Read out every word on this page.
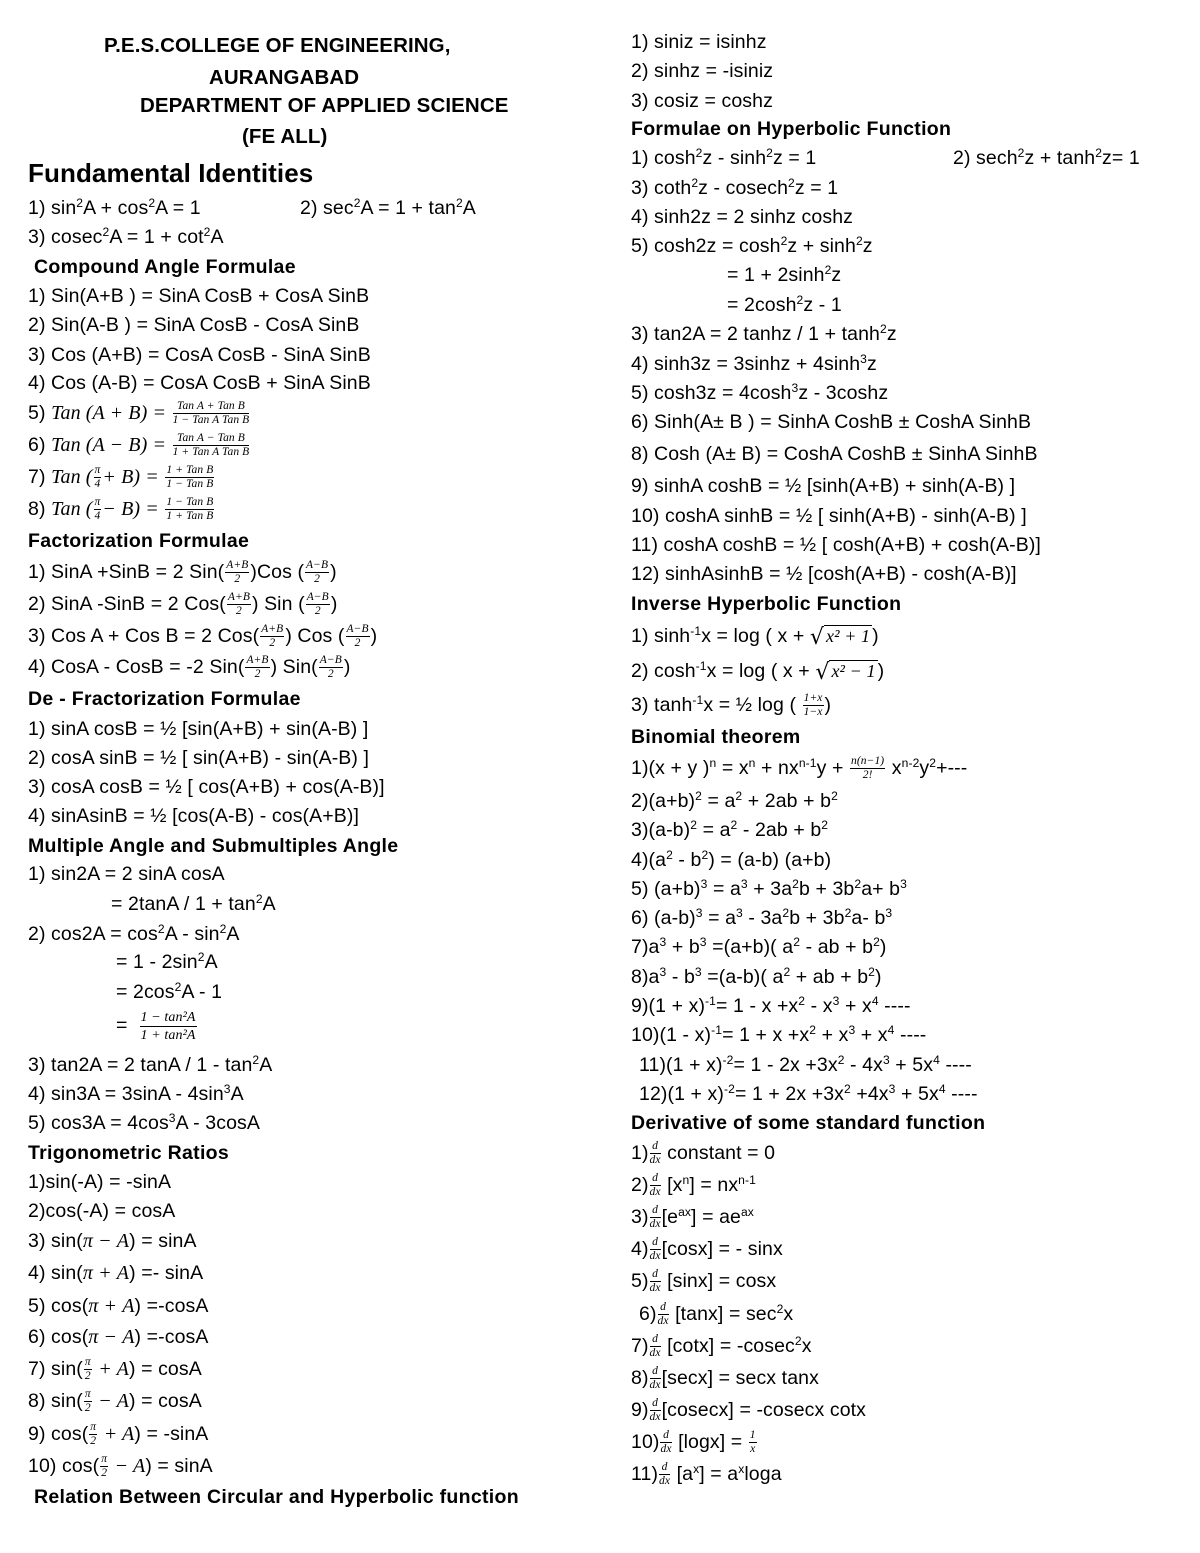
P.E.S.COLLEGE OF ENGINEERING,
AURANGABAD
DEPARTMENT OF APPLIED SCIENCE
(FE ALL)
Fundamental Identities
1) $\sin^2A + \cos^2A = 1$	2) $\sec^2A = 1 + \tan^2A$
3) $cosec^2A = 1 + \cot^2A$
Compound Angle Formulae
1) Sin(A+B ) = SinA CosB + CosA SinB
2) Sin(A-B ) = SinA CosB - CosA SinB
3) Cos (A+B) = CosA CosB - SinA SinB
4) Cos (A-B) = CosA CosB + SinA SinB
5) Tan (A + B) = Tan A + Tan B
1 − Tan A Tan B
6) Tan (A − B) = Tan A − Tan B
1 + Tan A Tan B
7) Tan ( $\frac{\pi}{4} + B) = 1$ + Tan B
1 − Tan B
8) Tan ( $\frac{\pi}{4} - B) = 1$ − Tan B
1 + Tan B
Factorization Formulae
1) SinA +SinB = 2 $Sin( \frac{A+B}{2} )Cos$ ( $\frac{A-B}{2}$ )
2) SinA -SinB = 2 $Cos( \frac{A+B}{2}$ ) Sin ( $\frac{A-B}{2}$ )
3) Cos A + Cos B = 2 $Cos( \frac{A+B}{2}$ ) Cos ( $\frac{A-B}{2}$ )
4) CosA - CosB = -2 $Sin( \frac{A+B}{2}$ ) $Sin( \frac{A-B}{2}$ )
De - Fractorization Formulae
1) sinA cosB = ½ [sin(A+B) + sin(A-B) ]
2) cosA sinB = ½ [ sin(A+B) - sin(A-B) ]
3) cosA cosB = ½ [ cos(A+B) + cos(A-B)]
4) sinAsinB = ½ [cos(A-B) - cos(A+B)]
Multiple Angle and Submultiples Angle
1) sin2A = 2 sinA cosA
= $2\tan A / 1 + \tan^2A$
2) $\cos 2A = \cos^2A - \sin^2A$
= $1 - 2\sin^2A$
= $2\cos^2A - 1$
= $\frac{\text{1 − tan²A}}{\text{1 + tan²A}}$
3) tan2A = 2 tanA / $1 - \tan^2A$
4) $\sin 3A = 3\sin A - 4\sin^3A$
5) $\cos 3A = 4\cos^3A - 3\cos A$
Trigonometric Ratios
1)sin(-A) = -sinA
2)cos(-A) = cosA
3) sin(π − A) = sinA
4) sin(π + A) =- sinA
5) cos(π + A) =-cosA
6) cos(π − A) =-cosA
7) $\sin( \frac{\pi}{2} + A) = \cos A$
8) $\sin( \frac{\pi}{2} - A) = \cos A$
9) $\cos( \frac{\pi}{2} + A) = -\sin A$
10) $\cos( \frac{\pi}{2} - A) = \sin A$
Relation Between Circular and Hyperbolic function
1) siniz = isinhz
2) sinhz = -isiniz
3) cosiz = coshz
Formulae on Hyperbolic Function
1) $\cosh^2z - \sinh^2z = 1$	2) $\sec h^2z + \tanh^2z= 1$
3) coth$^2$z - cosech$^2$z = 1
4) sinh2z = 2 sinhz coshz
5) $\cosh 2z = \cosh^2z + \sinh^2z$
= $1 + 2\sinh^2z$
= $2\cosh^2z - 1$
3) tan2A = 2 $\tanh z / 1 + \tanh^2z$
4) $\sinh 3z = 3\sinh z + 4\sinh^3z$
5) $\cosh 3z = 4\cosh^3z - 3\cosh z$
6) Sinh(A± B ) = SinhA CoshB ± CoshA SinhB
8) Cosh (A± B) = CoshA CoshB ± SinhA SinhB
9) sinhA coshB = ½ [sinh(A+B) + sinh(A-B) ]
10) coshA sinhB = ½ [ sinh(A+B) - sinh(A-B) ]
11) coshA coshB = ½ [ cosh(A+B) + cosh(A-B)]
12) sinhAsinhB = ½ [cosh(A+B) - cosh(A-B)]
Inverse Hyperbolic Function
1) $\sinh^{-1}x = \log$ ( x + √ x² + 1 )
2) $\cosh^{-1}x = \log$ ( x + √ x² − 1 )
3) $\tanh^{-1}x$ = ½ log ( $\frac{1+x}{1-x}$ )
Binomial theorem
1)(x + y )$^n = x^n + nx^{n-1}y + \frac{n(n-1)}{2!} x^{n-2}y^2+---$
$2)(a+b)^2 = a^2 + 2ab + b^2$
$3)(a-b)^2 = a^2 - 2ab + b^2$
$4)(a^2 - b^2) = (a-b)$ (a+b)
5) $(a+b)^3 = a^3 + 3a^2b + 3b^2a+ b^3$
6) $(a-b)^3 = a^3 - 3a^2b + 3b^2a-$ $b^3$
$7)a^3 + b^3 =(a+b)$( $a^2$ - ab + $b^2$)
$8)a^3 - b^3 =(a-b)$( $a^2$ + ab + $b^2$)
$9)(1 + x)^{-1}= 1 - x +x^2 - x^3 + x^4$ ----
$10)(1 - x)^{-1}= 1 + x +x^2 + x^3 + x^4$ ----
$11)(1 + x)^{-2}= 1 - 2x +3x^2 - 4x^3 + 5x^4$ ----
$12)(1 + x)^{-2}= 1 + 2x +3x^2 +4x^3 + 5x^4$ ----
Derivative of some standard function
$1) \frac{d}{dx}$ constant = 0
$2) \frac{d}{dx} [x^n] = nx^{n-1}$
$3) \frac{d}{dx} [e^{ax}] = ae^{ax}$
$4) \frac{d}{dx} [\cos x]$ = - sinx
$5) \frac{d}{dx} [\sin x] = \cos x$
$6) \frac{d}{dx} [\tan x] = \sec^2x$
$7) \frac{d}{dx} [\cot x] = -cosec^2x$
$8) \frac{d}{dx} [\sec x] = \sec x$ tanx
$9) \frac{d}{dx} [cosecx] = -cosecx$ cotx
$10) \frac{d}{dx} [\log x] = \frac{1}{x}$
$11) \frac{d}{dx} [a^x] = a^x\log a$
